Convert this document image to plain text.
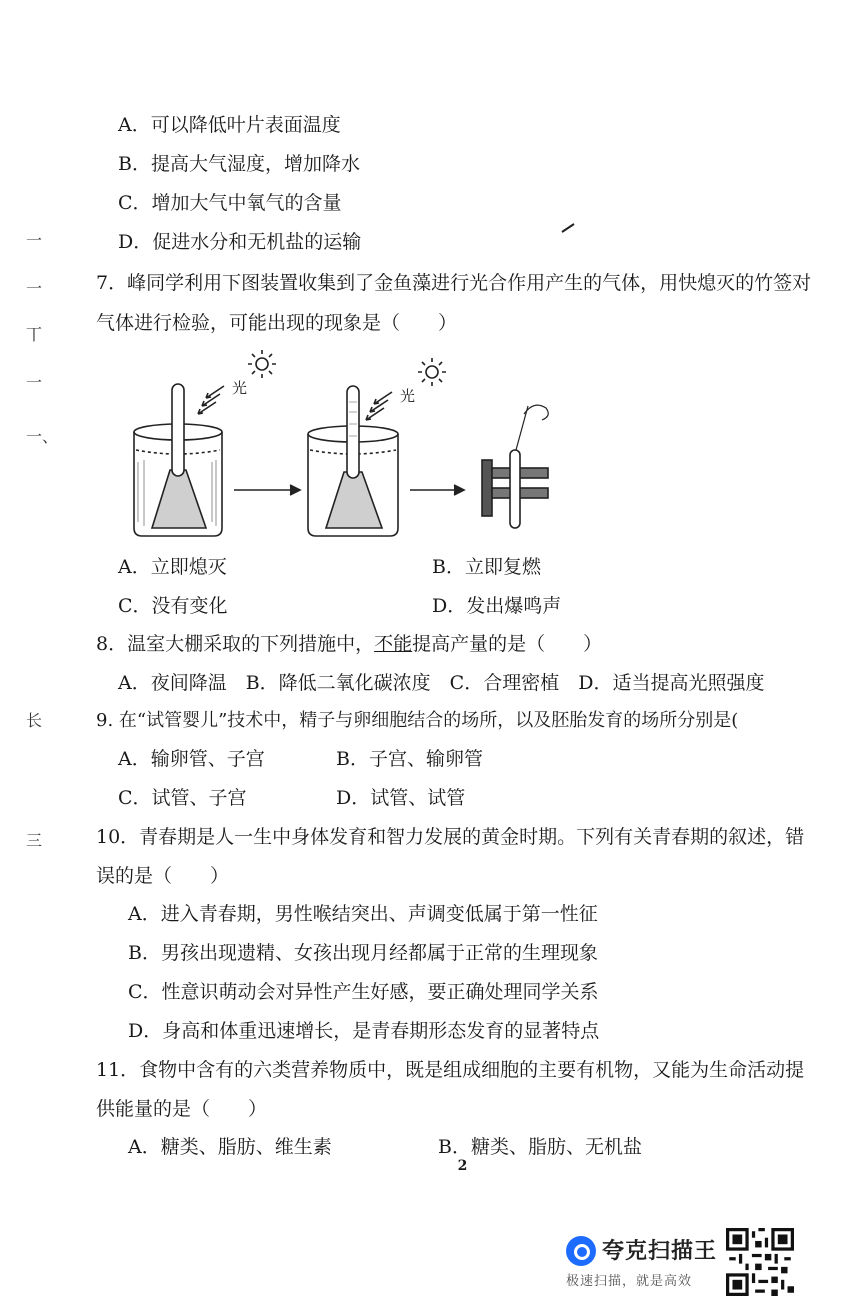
一
一
丅
一
一、
长
三
A．可以降低叶片表面温度
B．提高大气湿度，增加降水
C．增加大气中氧气的含量
D．促进水分和无机盐的运输
7．峰同学利用下图装置收集到了金鱼藻进行光合作用产生的气体，用快熄灭的竹签对
气体进行检验，可能出现的现象是（　　）
光	光
A．立即熄灭	B．立即复燃
C．没有变化	D．发出爆鸣声
8．温室大棚采取的下列措施中，不能提高产量的是（　　）
A．夜间降温　B．降低二氧化碳浓度　C．合理密植　D．适当提高光照强度
9. 在“试管婴儿”技术中，精子与卵细胞结合的场所，以及胚胎发育的场所分别是(
A．输卵管、子宫	B．子宫、输卵管
C．试管、子宫	D．试管、试管
10．青春期是人一生中身体发育和智力发展的黄金时期。下列有关青春期的叙述，错
误的是（　　）
A．进入青春期，男性喉结突出、声调变低属于第一性征
B．男孩出现遗精、女孩出现月经都属于正常的生理现象
C．性意识萌动会对异性产生好感，要正确处理同学关系
D．身高和体重迅速增长，是青春期形态发育的显著特点
11．食物中含有的六类营养物质中，既是组成细胞的主要有机物，又能为生命活动提
供能量的是（　　）
A．糖类、脂肪、维生素	B．糖类、脂肪、无机盐
2
夸克扫描王
极速扫描，就是高效
